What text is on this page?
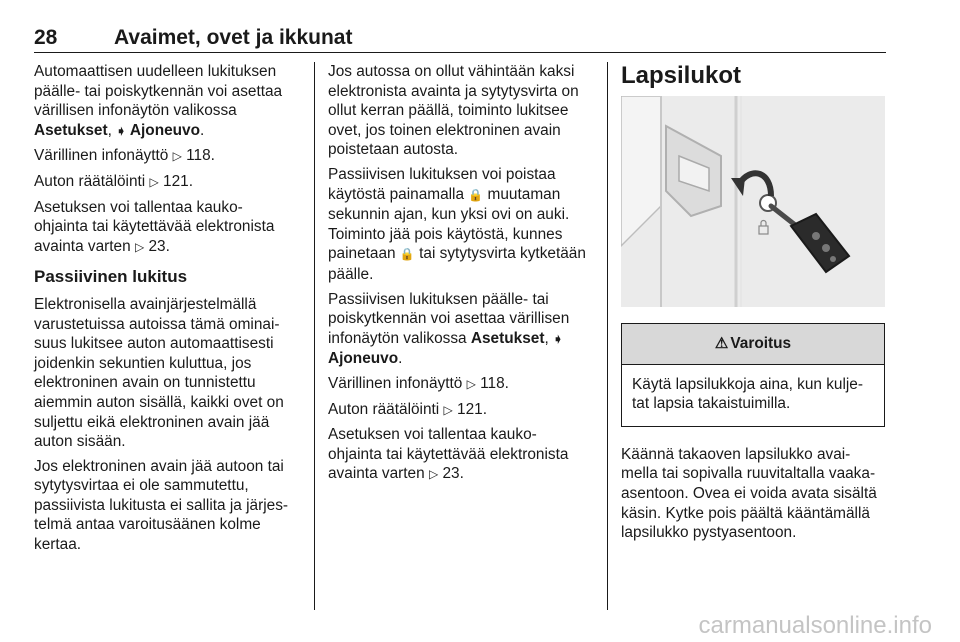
28	Avaimet, ovet ja ikkunat

Automaattisen uudelleen lukituksen
päälle- tai poiskytkennän voi asettaa
värillisen infonäytön valikossa
Asetukset, ➧ Ajoneuvo.

Värillinen infonäyttö ▷ 118.

Auton räätälöinti ▷ 121.

Asetuksen voi tallentaa kauko-
ohjainta tai käytettävää elektronista
avainta varten ▷ 23.

Passiivinen lukitus

Elektronisella avainjärjestelmällä
varustetuissa autoissa tämä ominai-
suus lukitsee auton automaattisesti
joidenkin sekuntien kuluttua, jos
elektroninen avain on tunnistettu
aiemmin auton sisällä, kaikki ovet on
suljettu eikä elektroninen avain jää
auton sisään.

Jos elektroninen avain jää autoon tai
sytytysvirtaa ei ole sammutettu,
passiivista lukitusta ei sallita ja järjes-
telmä antaa varoitusäänen kolme
kertaa.

Jos autossa on ollut vähintään kaksi
elektronista avainta ja sytytysvirta on
ollut kerran päällä, toiminto lukitsee
ovet, jos toinen elektroninen avain
poistetaan autosta.

Passiivisen lukituksen voi poistaa
käytöstä painamalla 🔒 muutaman
sekunnin ajan, kun yksi ovi on auki.
Toiminto jää pois käytöstä, kunnes
painetaan 🔒 tai sytytysvirta kytketään
päälle.

Passiivisen lukituksen päälle- tai
poiskytkennän voi asettaa värillisen
infonäytön valikossa Asetukset, ➧
Ajoneuvo.

Värillinen infonäyttö ▷ 118.

Auton räätälöinti ▷ 121.

Asetuksen voi tallentaa kauko-
ohjainta tai käytettävää elektronista
avainta varten ▷ 23.

Lapsilukot
⚠ Varoitus
Käytä lapsilukkoja aina, kun kulje-
tat lapsia takaistuimilla.

Käännä takaoven lapsilukko avai-
mella tai sopivalla ruuvitaltalla vaaka-
asentoon. Ovea ei voida avata sisältä
käsin. Kytke pois päältä kääntämällä
lapsilukko pystyasentoon.

carmanualsonline.info
